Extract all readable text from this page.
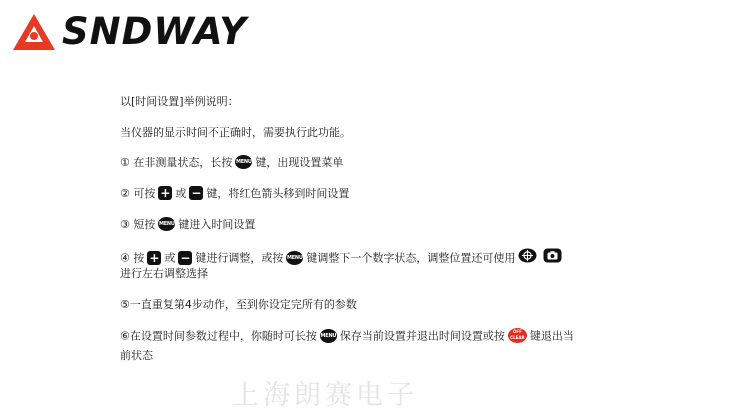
SNDWAY
以[时间设置]举例说明：
当仪器的显示时间不正确时，需要执行此功能。
① 在非测量状态，长按 MENU 键，出现设置菜单
② 可按 + 或 − 键，将红色箭头移到时间设置
③ 短按 MENU 键进入时间设置
④ 按 + 或 − 键进行调整，或按 MENU 键调整下一个数字状态，调整位置还可使用
进行左右调整选择
⑤一直重复第4步动作，至到你设定完所有的参数
⑥在设置时间参数过程中，你随时可长按 MENU 保存当前设置并退出时间设置或按 OFF
CLEAR 键退出当
前状态
上海朗赛电子
